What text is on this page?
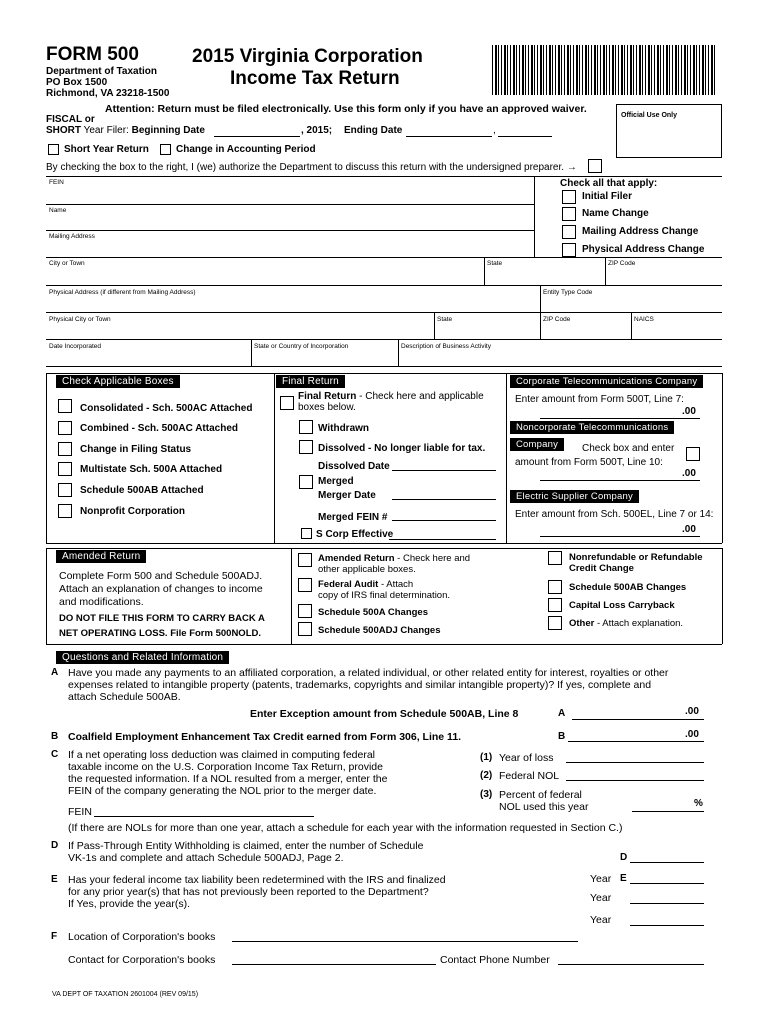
FORM 500
Department of Taxation
PO Box 1500
Richmond, VA 23218-1500
2015 Virginia Corporation
Income Tax Return
Attention: Return must be filed electronically. Use this form only if you have an approved waiver.
Official Use Only
FISCAL or
SHORT Year Filer: Beginning Date	, 2015; Ending Date	,
Short Year Return	Change in Accounting Period
By checking the box to the right, I (we) authorize the Department to discuss this return with the undersigned preparer. →
FEIN
Name
Mailing Address
Check all that apply:
Initial Filer
Name Change
Mailing Address Change
Physical Address Change
City or Town	State	ZIP Code
Physical Address (if different from Mailing Address)	Entity Type Code
Physical City or Town	State	ZIP Code	NAICS
Date Incorporated	State or Country of Incorporation	Description of Business Activity
Check Applicable Boxes
Consolidated - Sch. 500AC Attached
Combined - Sch. 500AC Attached
Change in Filing Status
Multistate Sch. 500A Attached
Schedule 500AB Attached
Nonprofit Corporation
Final Return
Final Return - Check here and applicable
boxes below.
Withdrawn
Dissolved - No longer liable for tax.
Dissolved Date
Merged
Merger Date
Merged FEIN #
S Corp Effective
Corporate Telecommunications Company
Enter amount from Form 500T, Line 7:
.00
Noncorporate Telecommunications
Company	Check box and enter
amount from Form 500T, Line 10:
.00
Electric Supplier Company
Enter amount from Sch. 500EL, Line 7 or 14:
.00
Amended Return
Complete Form 500 and Schedule 500ADJ.
Attach an explanation of changes to income
and modifications.
DO NOT FILE THIS FORM TO CARRY BACK A
NET OPERATING LOSS. File Form 500NOLD.
Amended Return - Check here and
other applicable boxes.
Federal Audit - Attach
copy of IRS final determination.
Schedule 500A Changes
Schedule 500ADJ Changes
Nonrefundable or Refundable
Credit Change
Schedule 500AB Changes
Capital Loss Carryback
Other - Attach explanation.
Questions and Related Information
A Have you made any payments to an affiliated corporation, a related individual, or other related entity for interest, royalties or other
expenses related to intangible property (patents, trademarks, copyrights and similar intangible property)? If yes, complete and
attach Schedule 500AB.
Enter Exception amount from Schedule 500AB, Line 8	A	.00
B Coalfield Employment Enhancement Tax Credit earned from Form 306, Line 11.	B	.00
C If a net operating loss deduction was claimed in computing federal
taxable income on the U.S. Corporation Income Tax Return, provide
the requested information. If a NOL resulted from a merger, enter the
FEIN of the company generating the NOL prior to the merger date.
FEIN
(1) Year of loss
(2) Federal NOL
(3) Percent of federal
NOL used this year	%
(If there are NOLs for more than one year, attach a schedule for each year with the information requested in Section C.)
D If Pass-Through Entity Withholding is claimed, enter the number of Schedule
VK-1s and complete and attach Schedule 500ADJ, Page 2.	D
E Has your federal income tax liability been redetermined with the IRS and finalized
for any prior year(s) that has not previously been reported to the Department?
If Yes, provide the year(s).
Year E
Year
Year
F Location of Corporation's books
Contact for Corporation's books	Contact Phone Number
VA DEPT OF TAXATION 2601004 (REV 09/15)
